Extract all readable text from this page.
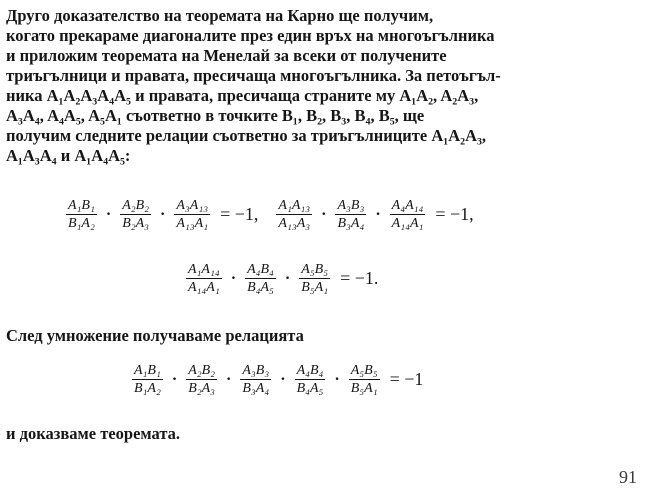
Друго доказателство на теоремата на Карно ще получим,
когато прекараме диагоналите през един връх на многоъгълника
и приложим теоремата на Менелай за всеки от получените
триъгълници и правата, пресичаща многоъгълника. За петоъгъл-
ника A₁A₂A₃A₄A₅ и правата, пресичаща страните му A₁A₂, A₂A₃,
A₃A₄, A₄A₅, A₅A₁ съответно в точките B₁, B₂, B₃, B₄, B₅, ще
получим следните релации съответно за триъгълниците A₁A₂A₃,
A₁A₃A₄ и A₁A₄A₅:
$\frac{\text{A₁B₁}}{\text{B₁A₂}} \cdot \frac{\text{A₂B₂}}{\text{B₂A₃}} \cdot \frac{\text{A₃A₁₃}}{\text{A₁₃A₁}} = -1$, $\frac{\text{A₁A₁₃}}{\text{A₁₃A₃}} \cdot \frac{\text{A₃B₃}}{\text{B₃A₄}} \cdot \frac{\text{A₄A₁₄}}{\text{A₁₄A₁}} = -1$,
$\frac{\text{A₁A₁₄}}{\text{A₁₄A₁}} \cdot \frac{\text{A₄B₄}}{\text{B₄A₅}} \cdot \frac{\text{A₅B₅}}{\text{B₅A₁}} = -1$.
След умножение получаваме релацията
$\frac{\text{A₁B₁}}{\text{B₁A₂}} \cdot \frac{\text{A₂B₂}}{\text{B₂A₃}} \cdot \frac{\text{A₃B₃}}{\text{B₃A₄}} \cdot \frac{\text{A₄B₄}}{\text{B₄A₅}} \cdot \frac{\text{A₅B₅}}{\text{B₅A₁}} = -1$
и доказваме теоремата.
91
